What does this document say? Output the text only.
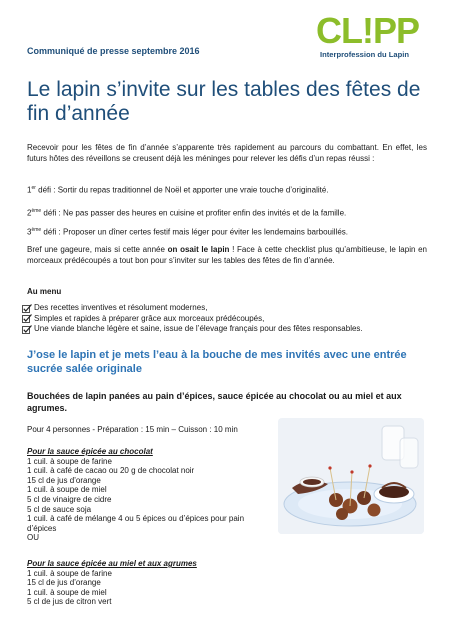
Communiqué de presse septembre 2016	CL!PP
Interprofession du Lapin
Le lapin s’invite sur les tables des fêtes de fin d’année
Recevoir pour les fêtes de fin d’année s’apparente très rapidement au parcours du combattant. En effet, les futurs hôtes des réveillons se creusent déjà les méninges pour relever les défis d’un repas réussi :
1er défi : Sortir du repas traditionnel de Noël et apporter une vraie touche d’originalité.
2ème défi : Ne pas passer des heures en cuisine et profiter enfin des invités et de la famille.
3ème défi : Proposer un dîner certes festif mais léger pour éviter les lendemains barbouillés.
Bref une gageure, mais si cette année on osait le lapin ! Face à cette checklist plus qu’ambitieuse, le lapin en morceaux prédécoupés a tout bon pour s’inviter sur les tables des fêtes de fin d’année.
Au menu
Des recettes inventives et résolument modernes,
Simples et rapides à préparer grâce aux morceaux prédécoupés,
Une viande blanche légère et saine, issue de l’élevage français pour des fêtes responsables.
J’ose le lapin et je mets l’eau à la bouche de mes invités avec une entrée sucrée salée originale
Bouchées de lapin panées au pain d’épices, sauce épicée au chocolat ou au miel et aux agrumes.
Pour 4 personnes - Préparation : 15 min – Cuisson : 10 min
Pour la sauce épicée au chocolat
1 cuil. à soupe de farine
1 cuil. à café de cacao ou 20 g de chocolat noir
15 cl de jus d’orange
1 cuil. à soupe de miel
5 cl de vinaigre de cidre
5 cl de sauce soja
1 cuil. à café de mélange 4 ou 5 épices ou d’épices pour pain d’épices
OU
Pour la sauce épicée au miel et aux agrumes
1 cuil. à soupe de farine
15 cl de jus d’orange
1 cuil. à soupe de miel
5 cl de jus de citron vert
